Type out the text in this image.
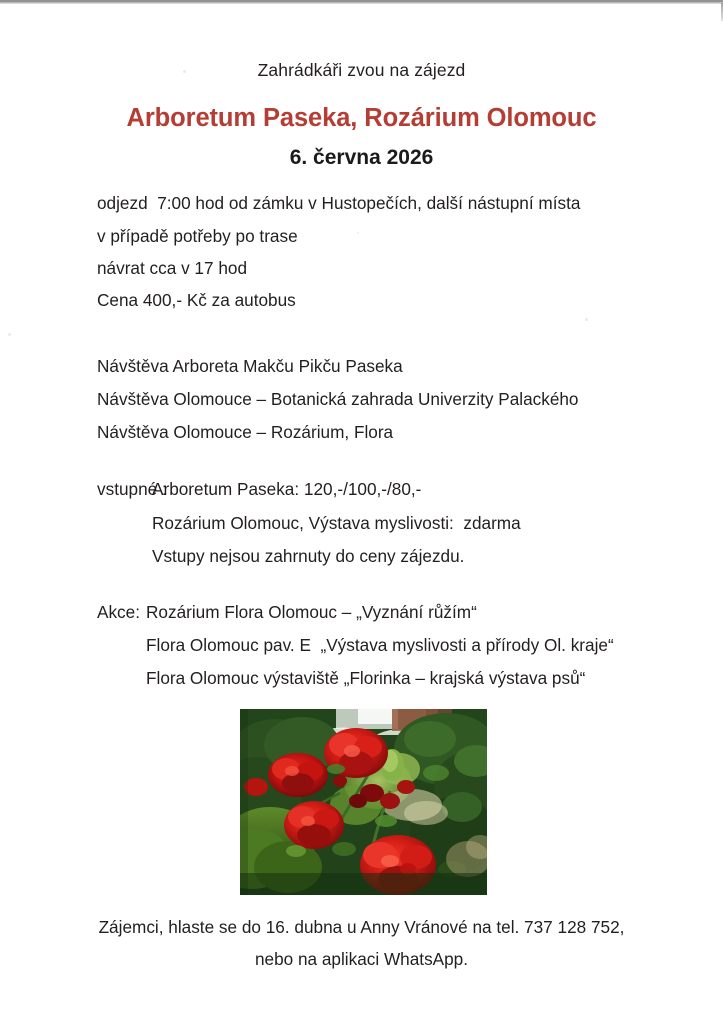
Zahrádkáři zvou na zájezd
Arboretum Paseka, Rozárium Olomouc
6. června 2026
odjezd  7:00 hod od zámku v Hustopečích, další nástupní místa
v případě potřeby po trase
návrat cca v 17 hod
Cena 400,- Kč za autobus
Návštěva Arboreta Makču Pikču Paseka
Návštěva Olomouce – Botanická zahrada Univerzity Palackého
Návštěva Olomouce – Rozárium, Flora
vstupné :
Arboretum Paseka: 120,-/100,-/80,-
Rozárium Olomouc, Výstava myslivosti:  zdarma
Vstupy nejsou zahrnuty do ceny zájezdu.
Akce: Rozárium Flora Olomouc – „Vyznání růžím“
Flora Olomouc pav. E  „Výstava myslivosti a přírody Ol. kraje“
Flora Olomouc výstaviště „Florinka – krajská výstava psů“
Zájemci, hlaste se do 16. dubna u Anny Vránové na tel. 737 128 752,
nebo na aplikaci WhatsApp.
